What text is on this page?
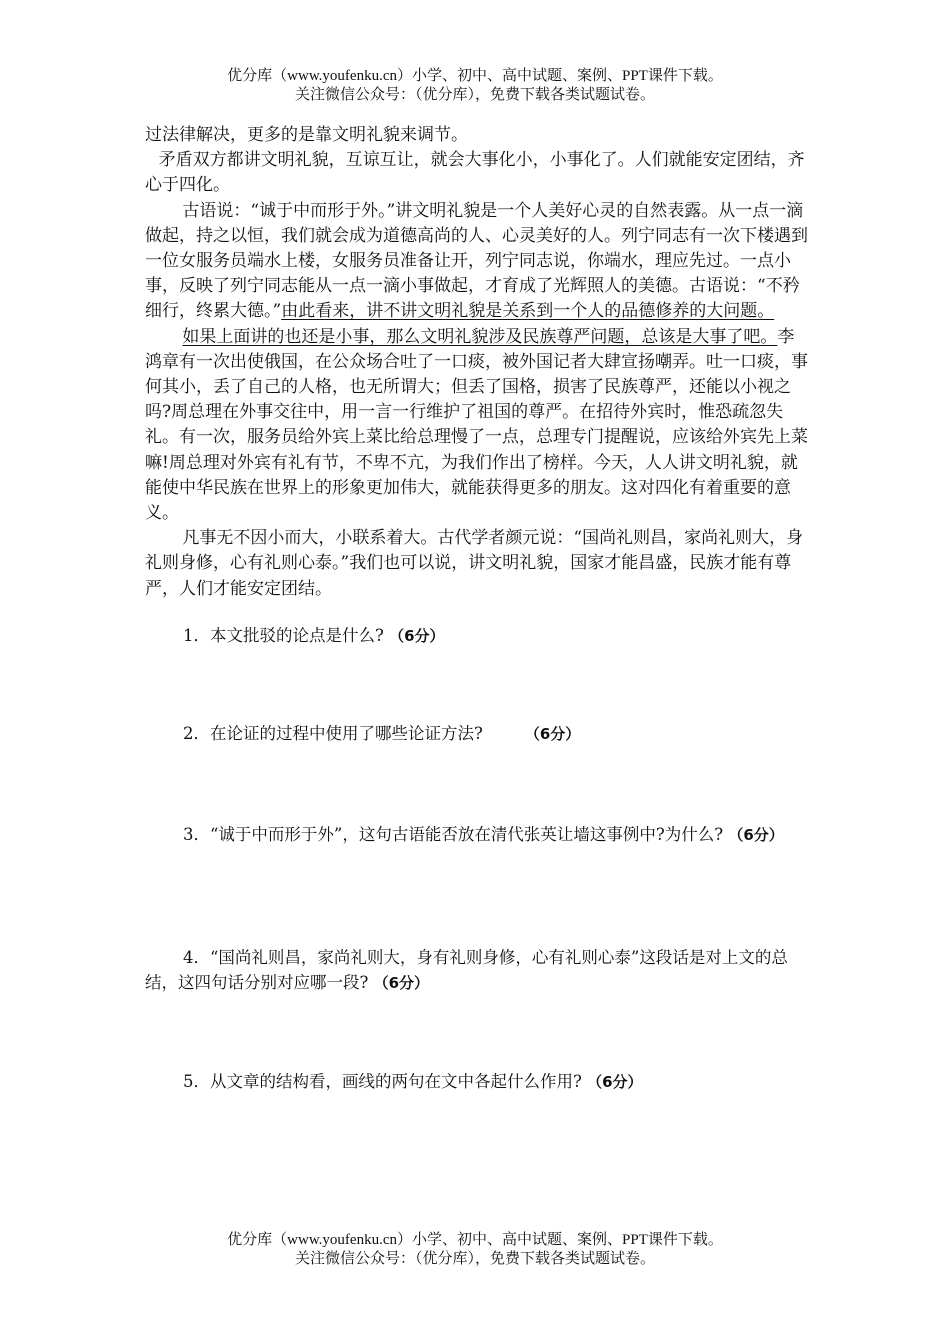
优分库（www.youfenku.cn）小学、初中、高中试题、案例、PPT课件下载。
关注微信公众号：（优分库），免费下载各类试题试卷。

过法律解决，更多的是靠文明礼貌来调节。

矛盾双方都讲文明礼貌，互谅互让，就会大事化小，小事化了。人们就能安定团结，齐心于四化。

古语说：“诚于中而形于外。”讲文明礼貌是一个人美好心灵的自然表露。从一点一滴做起，持之以恒，我们就会成为道德高尚的人、心灵美好的人。列宁同志有一次下楼遇到一位女服务员端水上楼，女服务员准备让开，列宁同志说，你端水，理应先过。一点小事，反映了列宁同志能从一点一滴小事做起，才育成了光辉照人的美德。古语说：“不矜细行，终累大德。”由此看来，讲不讲文明礼貌是关系到一个人的品德修养的大问题。

如果上面讲的也还是小事，那么文明礼貌涉及民族尊严问题，总该是大事了吧。李鸿章有一次出使俄国，在公众场合吐了一口痰，被外国记者大肆宣扬嘲弄。吐一口痰，事何其小，丢了自己的人格，也无所谓大；但丢了国格，损害了民族尊严，还能以小视之吗?周总理在外事交往中，用一言一行维护了祖国的尊严。在招待外宾时，惟恐疏忽失礼。有一次，服务员给外宾上菜比给总理慢了一点，总理专门提醒说，应该给外宾先上菜嘛!周总理对外宾有礼有节，不卑不亢，为我们作出了榜样。今天，人人讲文明礼貌，就能使中华民族在世界上的形象更加伟大，就能获得更多的朋友。这对四化有着重要的意义。

凡事无不因小而大，小联系着大。古代学者颜元说：“国尚礼则昌，家尚礼则大，身礼则身修，心有礼则心泰。”我们也可以说，讲文明礼貌，国家才能昌盛，民族才能有尊严，人们才能安定团结。

1．本文批驳的论点是什么? （6分）
2．在论证的过程中使用了哪些论证方法?        （6分）
3．“诚于中而形于外”，这句古语能否放在清代张英让墙这事例中?为什么? （6分）
4．“国尚礼则昌，家尚礼则大，身有礼则身修，心有礼则心泰”这段话是对上文的总结，这四句话分别对应哪一段? （6分）
5．从文章的结构看，画线的两句在文中各起什么作用? （6分）
优分库（www.youfenku.cn）小学、初中、高中试题、案例、PPT课件下载。
关注微信公众号：（优分库），免费下载各类试题试卷。
